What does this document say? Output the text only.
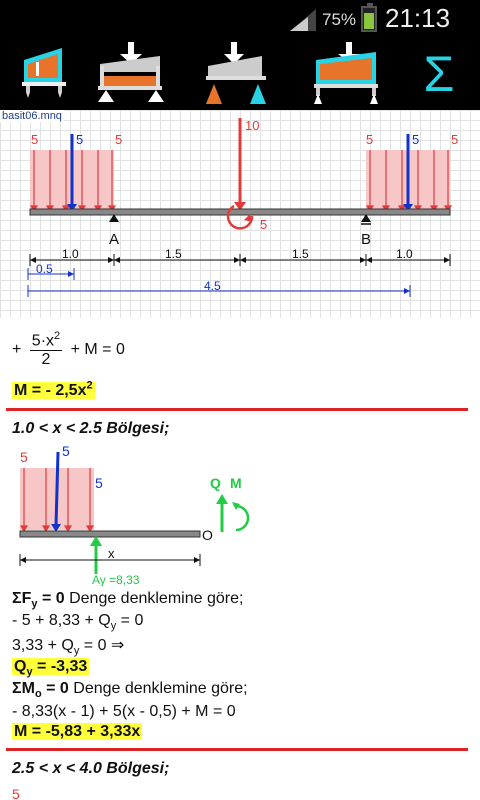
75% 21:13
Σ
5	5 5	5	5 5
10
5
A	B
1.0	1.5	1.5	1.0
0.5
4.5
basit06.mnq
+ $\frac{5\cdot x^2}{2} + M = 0$
M = - $2,5x^2$
1.0 < x < 2.5 Bölgesi;
5 5
5
O
Q M
Ay =8,33
x
$\Sigma F_y = 0$ Denge denklemine göre;
- $5 + 8,33 + Q_y = 0$
$3,33 + Q_y = 0$ ⇒
$Q_y = -3,33$
$\Sigma M_o = 0$ Denge denklemine göre;
- 8,33(x - 1) + 5(x - 0,5) + M = 0
M = -5,83 + 3,33x
2.5 < x < 4.0 Bölgesi;
5
